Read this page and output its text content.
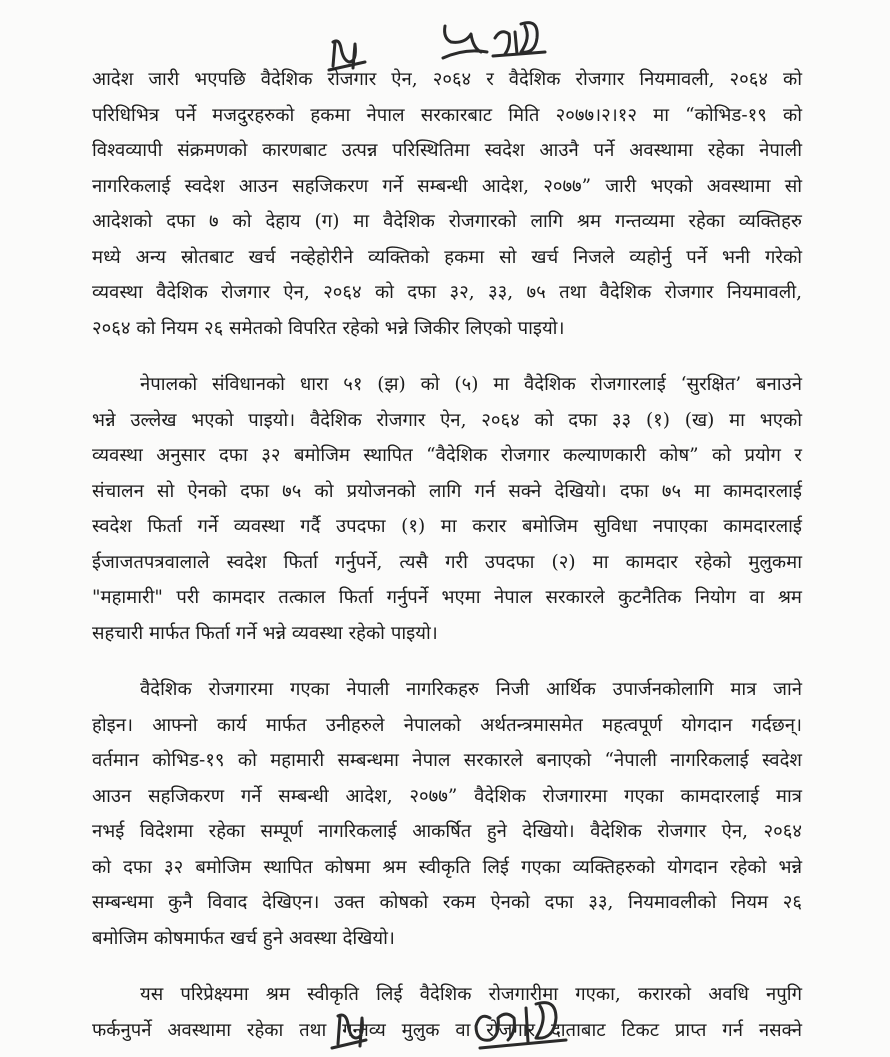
आदेश जारी भएपछि वैदेशिक रोजगार ऐन, २०६४ र वैदेशिक रोजगार नियमावली, २०६४ को
परिधिभित्र पर्ने मजदुरहरुको हकमा नेपाल सरकारबाट मिति २०७७।२।१२ मा “कोभिड-१९ को
विश्वव्यापी संक्रमणको कारणबाट उत्पन्न परिस्थितिमा स्वदेश आउनै पर्ने अवस्थामा रहेका नेपाली
नागरिकलाई स्वदेश आउन सहजिकरण गर्ने सम्बन्धी आदेश, २०७७” जारी भएको अवस्थामा सो
आदेशको दफा ७ को देहाय (ग) मा वैदेशिक रोजगारको लागि श्रम गन्तव्यमा रहेका व्यक्तिहरु
मध्ये अन्य स्रोतबाट खर्च नव्हेहोरीने व्यक्तिको हकमा सो खर्च निजले व्यहोर्नु पर्ने भनी गरेको
व्यवस्था वैदेशिक रोजगार ऐन, २०६४ को दफा ३२, ३३, ७५ तथा वैदेशिक रोजगार नियमावली,
२०६४ को नियम २६ समेतको विपरित रहेको भन्ने जिकीर लिएको पाइयो।
नेपालको संविधानको धारा ५१ (झ) को (५) मा वैदेशिक रोजगारलाई ‘सुरक्षित’ बनाउने
भन्ने उल्लेख भएको पाइयो। वैदेशिक रोजगार ऐन, २०६४ को दफा ३३ (१) (ख) मा भएको
व्यवस्था अनुसार दफा ३२ बमोजिम स्थापित “वैदेशिक रोजगार कल्याणकारी कोष” को प्रयोग र
संचालन सो ऐनको दफा ७५ को प्रयोजनको लागि गर्न सक्ने देखियो। दफा ७५ मा कामदारलाई
स्वदेश फिर्ता गर्ने व्यवस्था गर्दै उपदफा (१) मा करार बमोजिम सुविधा नपाएका कामदारलाई
ईजाजतपत्रवालाले स्वदेश फिर्ता गर्नुपर्ने, त्यसै गरी उपदफा (२) मा कामदार रहेको मुलुकमा
"महामारी" परी कामदार तत्काल फिर्ता गर्नुपर्ने भएमा नेपाल सरकारले कुटनैतिक नियोग वा श्रम
सहचारी मार्फत फिर्ता गर्ने भन्ने व्यवस्था रहेको पाइयो।
वैदेशिक रोजगारमा गएका नेपाली नागरिकहरु निजी आर्थिक उपार्जनकोलागि मात्र जाने
होइन। आफ्नो कार्य मार्फत उनीहरुले नेपालको अर्थतन्त्रमासमेत महत्वपूर्ण योगदान गर्दछन्।
वर्तमान कोभिड-१९ को महामारी सम्बन्धमा नेपाल सरकारले बनाएको “नेपाली नागरिकलाई स्वदेश
आउन सहजिकरण गर्ने सम्बन्धी आदेश, २०७७” वैदेशिक रोजगारमा गएका कामदारलाई मात्र
नभई विदेशमा रहेका सम्पूर्ण नागरिकलाई आकर्षित हुने देखियो। वैदेशिक रोजगार ऐन, २०६४
को दफा ३२ बमोजिम स्थापित कोषमा श्रम स्वीकृति लिई गएका व्यक्तिहरुको योगदान रहेको भन्ने
सम्बन्धमा कुनै विवाद देखिएन। उक्त कोषको रकम ऐनको दफा ३३, नियमावलीको नियम २६
बमोजिम कोषमार्फत खर्च हुने अवस्था देखियो।
यस परिप्रेक्ष्यमा श्रम स्वीकृति लिई वैदेशिक रोजगारीमा गएका, करारको अवधि नपुगि
फर्कनुपर्ने अवस्थामा रहेका तथा गन्तव्य मुलुक वा रोजगार दाताबाट टिकट प्राप्त गर्न नसक्ने
